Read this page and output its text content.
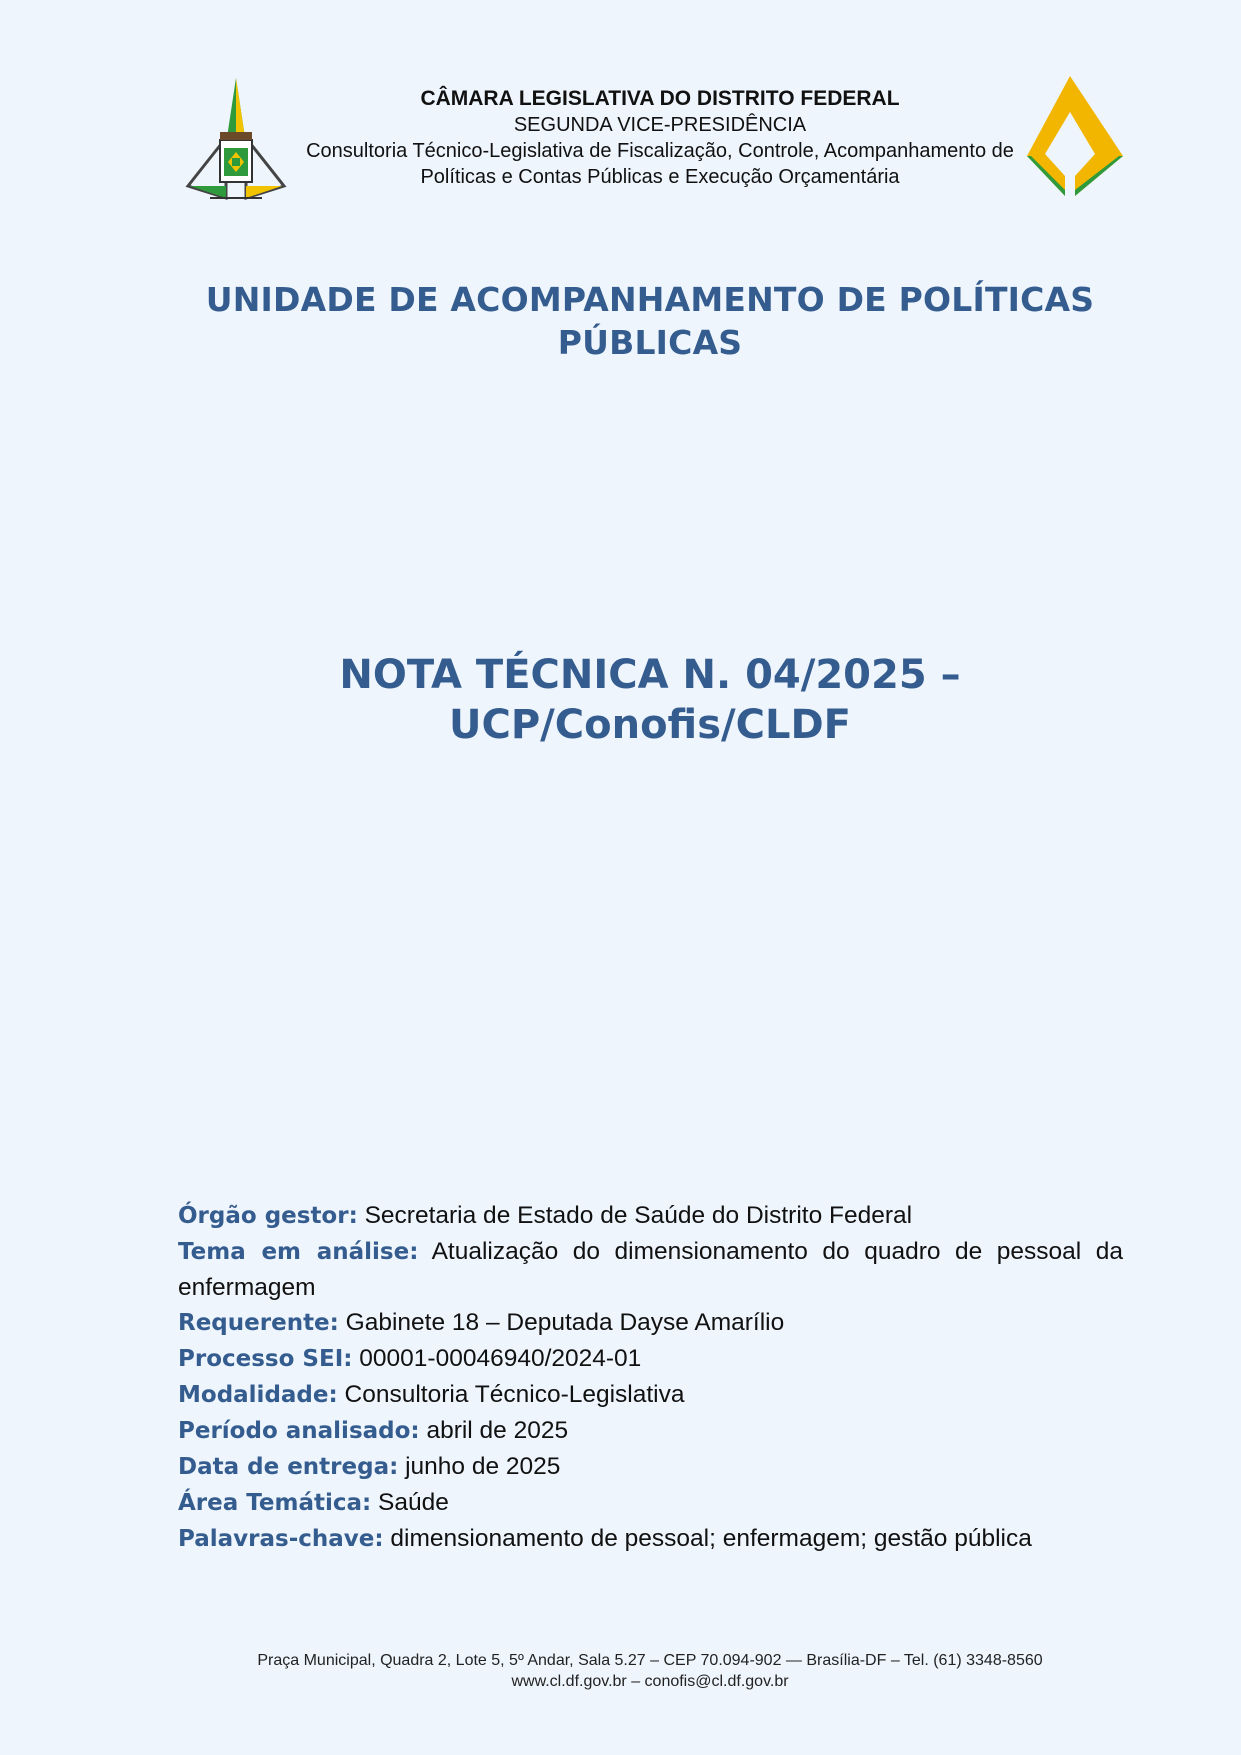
CÂMARA LEGISLATIVA DO DISTRITO FEDERAL
SEGUNDA VICE-PRESIDÊNCIA
Consultoria Técnico-Legislativa de Fiscalização, Controle, Acompanhamento de
Políticas e Contas Públicas e Execução Orçamentária
UNIDADE DE ACOMPANHAMENTO DE POLÍTICAS
PÚBLICAS
NOTA TÉCNICA N. 04/2025 –
UCP/Conofis/CLDF

Órgão gestor: Secretaria de Estado de Saúde do Distrito Federal

Tema em análise: Atualização do dimensionamento do quadro de pessoal da enfermagem

Requerente: Gabinete 18 – Deputada Dayse Amarílio

Processo SEI: 00001-00046940/2024-01

Modalidade: Consultoria Técnico-Legislativa

Período analisado: abril de 2025

Data de entrega: junho de 2025

Área Temática: Saúde

Palavras-chave: dimensionamento de pessoal; enfermagem; gestão pública

Praça Municipal, Quadra 2, Lote 5, 5º Andar, Sala 5.27 – CEP 70.094-902 — Brasília-DF – Tel. (61) 3348-8560
www.cl.df.gov.br – conofis@cl.df.gov.br
